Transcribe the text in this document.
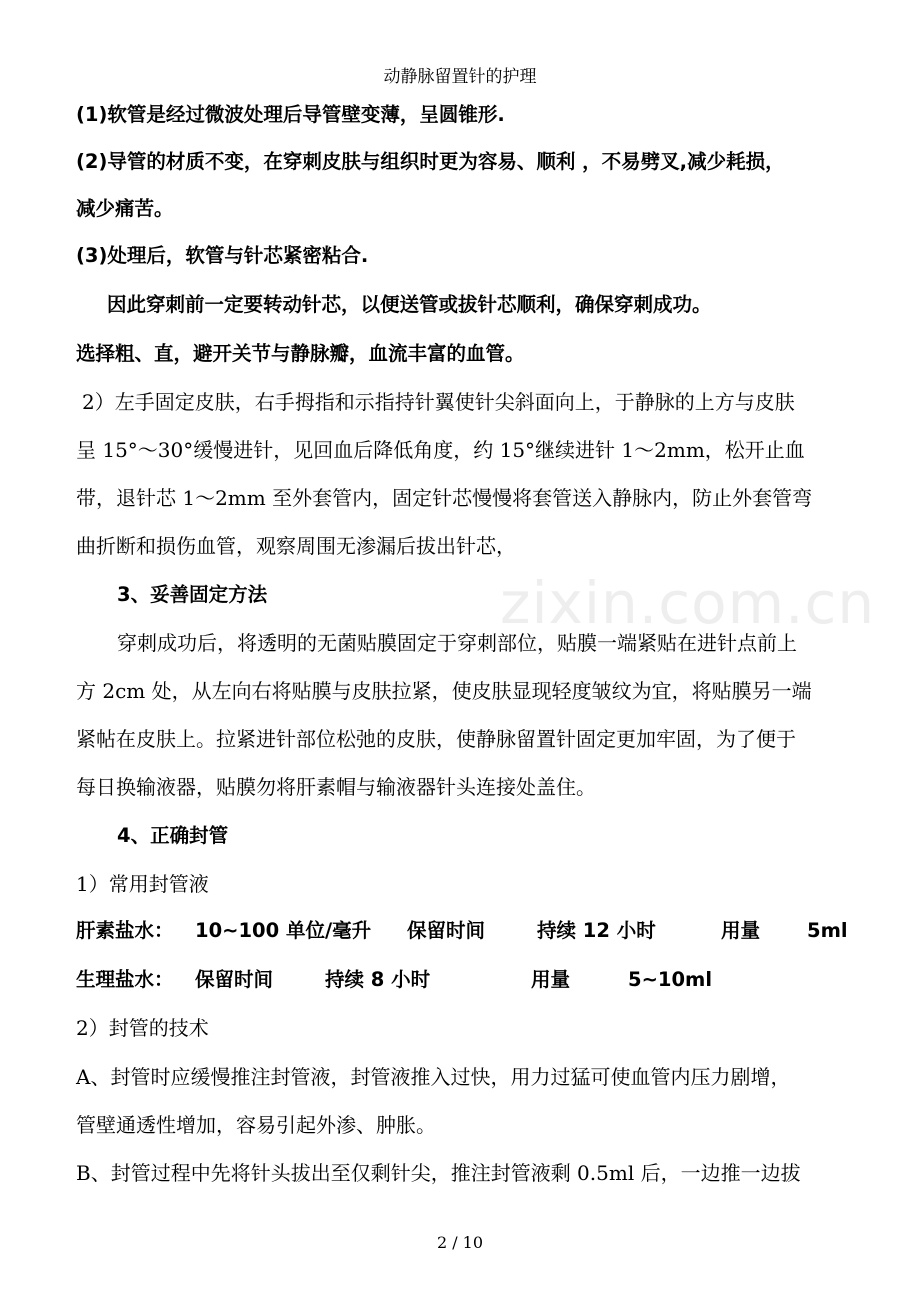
动静脉留置针的护理
zixin.com.cn
(1)软管是经过微波处理后导管壁变薄，呈圆锥形.
(2)导管的材质不变，在穿刺皮肤与组织时更为容易、顺利 ，不易劈叉,减少耗损，
减少痛苦。
(3)处理后，软管与针芯紧密粘合.
因此穿刺前一定要转动针芯，以便送管或拔针芯顺利，确保穿刺成功。
选择粗、直，避开关节与静脉瓣，血流丰富的血管。
2）左手固定皮肤，右手拇指和示指持针翼使针尖斜面向上，于静脉的上方与皮肤
呈 15°～30°缓慢进针，见回血后降低角度，约 15°继续进针 1～2mm，松开止血
带，退针芯 1～2mm 至外套管内，固定针芯慢慢将套管送入静脉内，防止外套管弯
曲折断和损伤血管，观察周围无渗漏后拔出针芯，
3、妥善固定方法
穿刺成功后，将透明的无菌贴膜固定于穿刺部位，贴膜一端紧贴在进针点前上
方 2cm 处，从左向右将贴膜与皮肤拉紧，使皮肤显现轻度皱纹为宜，将贴膜另一端
紧帖在皮肤上。拉紧进针部位松弛的皮肤，使静脉留置针固定更加牢固，为了便于
每日换输液器，贴膜勿将肝素帽与输液器针头连接处盖住。
4、正确封管
1）常用封管液
肝素盐水： 10~100 单位/毫升 保留时间	持续 12 小时	用量 5ml
生理盐水： 保留时间	持续 8 小时	用量	5~10ml
2）封管的技术
A、封管时应缓慢推注封管液，封管液推入过快，用力过猛可使血管内压力剧增，
管壁通透性增加，容易引起外渗、肿胀。
B、封管过程中先将针头拔出至仅剩针尖，推注封管液剩 0.5ml 后，一边推一边拔
2 / 10
